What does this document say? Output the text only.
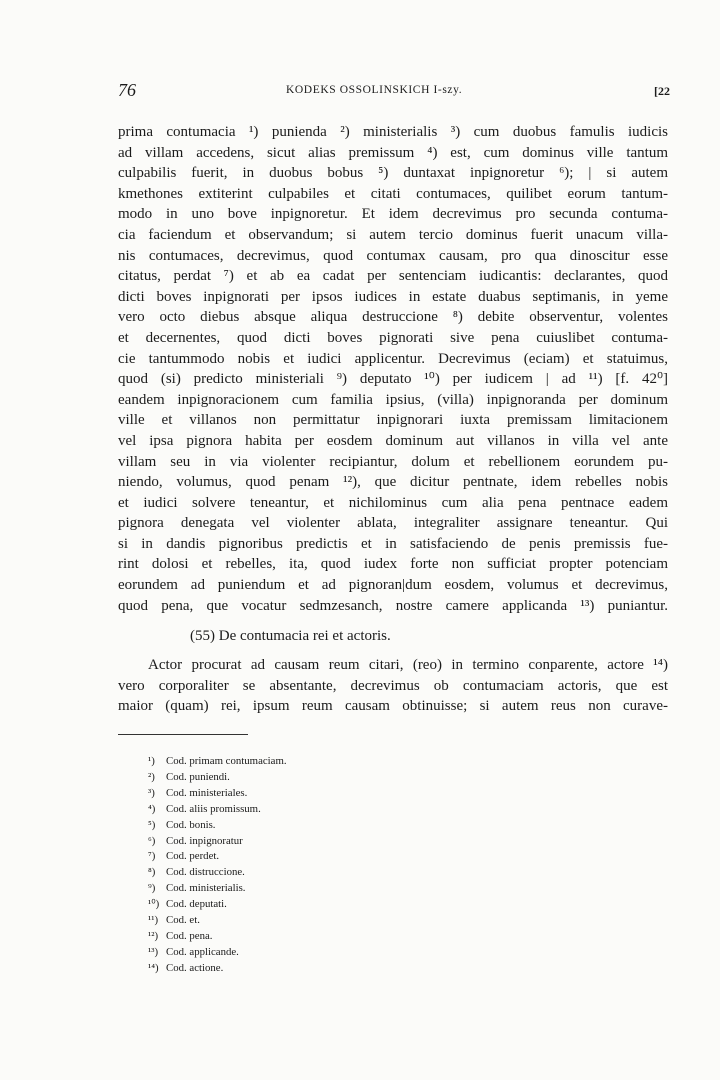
76	KODEKS OSSOLINSKICH I-szy.	[22
prima contumacia ¹) punienda ²) ministerialis ³) cum duobus famulis iudicis
ad villam accedens, sicut alias premissum ⁴) est, cum dominus ville tantum
culpabilis fuerit, in duobus bobus ⁵) duntaxat inpignoretur ⁶); | si autem
kmethones extiterint culpabiles et citati contumaces, quilibet eorum tantum-
modo in uno bove inpignoretur. Et idem decrevimus pro secunda contuma-
cia faciendum et observandum; si autem tercio dominus fuerit unacum villa-
nis contumaces, decrevimus, quod contumax causam, pro qua dinoscitur esse
citatus, perdat ⁷) et ab ea cadat per sentenciam iudicantis: declarantes, quod
dicti boves inpignorati per ipsos iudices in estate duabus septimanis, in yeme
vero octo diebus absque aliqua destruccione ⁸) debite observentur, volentes
et decernentes, quod dicti boves pignorati sive pena cuiuslibet contuma-
cie tantummodo nobis et iudici applicentur. Decrevimus (eciam) et statuimus,
quod (si) predicto ministeriali ⁹) deputato ¹⁰) per iudicem | ad ¹¹) [f. 42⁰]
eandem inpignoracionem cum familia ipsius, (villa) inpignoranda per dominum
ville et villanos non permittatur inpignorari iuxta premissam limitacionem
vel ipsa pignora habita per eosdem dominum aut villanos in villa vel ante
villam seu in via violenter recipiantur, dolum et rebellionem eorundem pu-
niendo, volumus, quod penam ¹²), que dicitur pentnate, idem rebelles nobis
et iudici solvere teneantur, et nichilominus cum alia pena pentnace eadem
pignora denegata vel violenter ablata, integraliter assignare teneantur. Qui
si in dandis pignoribus predictis et in satisfaciendo de penis premissis fue-
rint dolosi et rebelles, ita, quod iudex forte non sufficiat propter potenciam
eorundem ad puniendum et ad pignoran|dum eosdem, volumus et decrevimus,
quod pena, que vocatur sedmzesanch, nostre camere applicanda ¹³) puniantur.
(55) De contumacia rei et actoris.
Actor procurat ad causam reum citari, (reo) in termino conparente, actore ¹⁴)
vero corporaliter se absentante, decrevimus ob contumaciam actoris, que est
maior (quam) rei, ipsum reum causam obtinuisse; si autem reus non curave-
¹) Cod. primam contumaciam.
²) Cod. puniendi.
³) Cod. ministeriales.
⁴) Cod. aliis promissum.
⁵) Cod. bonis.
⁶) Cod. inpignoratur
⁷) Cod. perdet.
⁸) Cod. distruccione.
⁹) Cod. ministerialis.
¹⁰) Cod. deputati.
¹¹) Cod. et.
¹²) Cod. pena.
¹³) Cod. applicande.
¹⁴) Cod. actione.
